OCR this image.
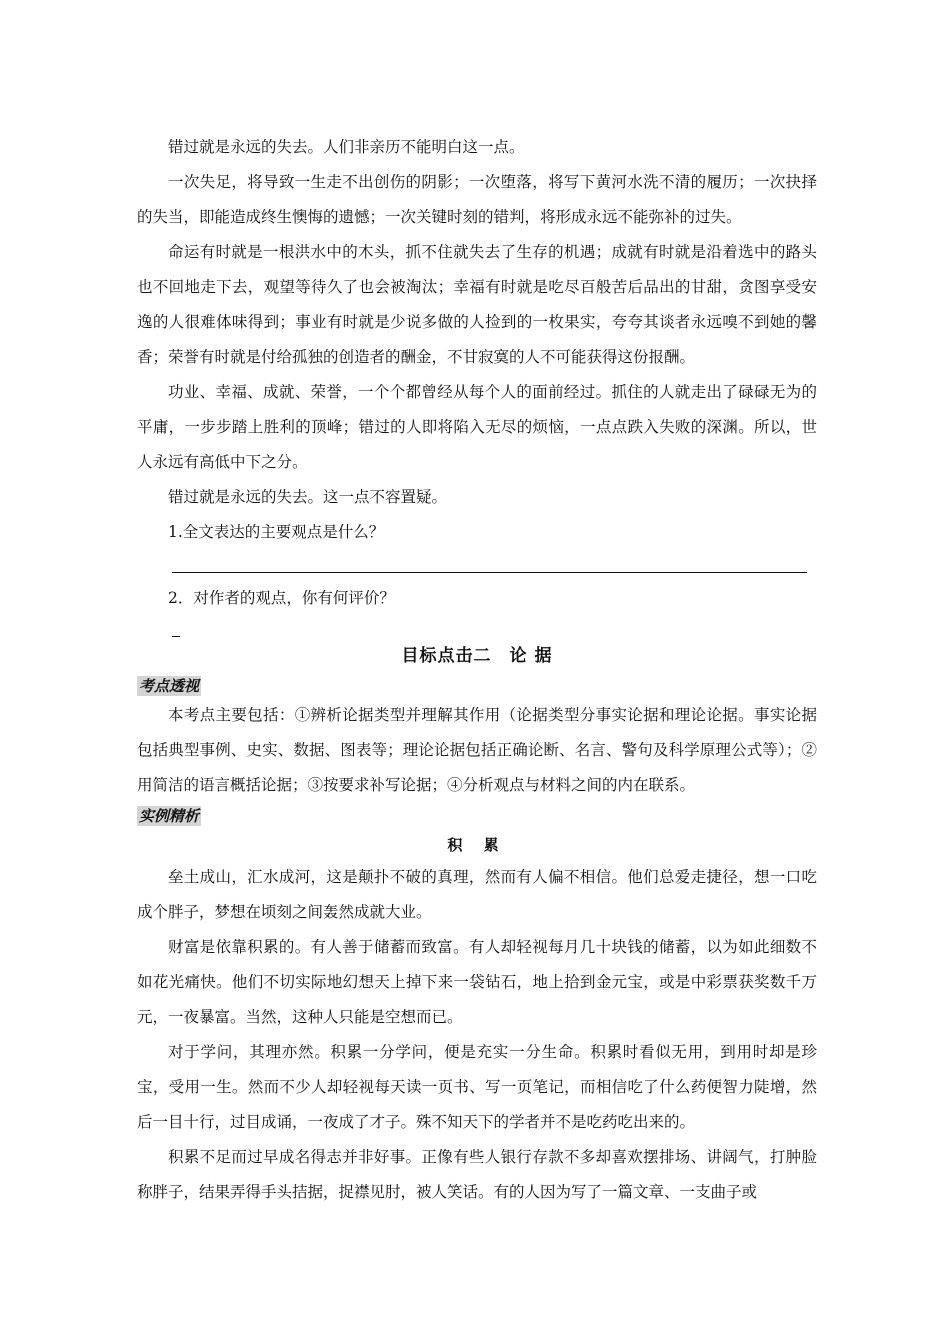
错过就是永远的失去。人们非亲历不能明白这一点。

一次失足，将导致一生走不出创伤的阴影；一次堕落，将写下黄河水洗不清的履历；一次抉择的失当，即能造成终生懊悔的遗憾；一次关键时刻的错判，将形成永远不能弥补的过失。

命运有时就是一根洪水中的木头，抓不住就失去了生存的机遇；成就有时就是沿着选中的路头也不回地走下去，观望等待久了也会被淘汰；幸福有时就是吃尽百般苦后品出的甘甜，贪图享受安逸的人很难体味得到；事业有时就是少说多做的人捡到的一枚果实，夸夸其谈者永远嗅不到她的馨香；荣誉有时就是付给孤独的创造者的酬金，不甘寂寞的人不可能获得这份报酬。

功业、幸福、成就、荣誉，一个个都曾经从每个人的面前经过。抓住的人就走出了碌碌无为的平庸，一步步踏上胜利的顶峰；错过的人即将陷入无尽的烦恼，一点点跌入失败的深渊。所以，世人永远有高低中下之分。

错过就是永远的失去。这一点不容置疑。

1.全文表达的主要观点是什么？

2．对作者的观点，你有何评价？

目标点击二　论 据
考点透视

本考点主要包括：①辨析论据类型并理解其作用（论据类型分事实论据和理论论据。事实论据包括典型事例、史实、数据、图表等；理论论据包括正确论断、名言、警句及科学原理公式等）；②用简洁的语言概括论据；③按要求补写论据；④分析观点与材料之间的内在联系。

实例精析
积 累

垒土成山，汇水成河，这是颠扑不破的真理，然而有人偏不相信。他们总爱走捷径，想一口吃成个胖子，梦想在顷刻之间轰然成就大业。

财富是依靠积累的。有人善于储蓄而致富。有人却轻视每月几十块钱的储蓄，以为如此细数不如花光痛快。他们不切实际地幻想天上掉下来一袋钻石，地上拾到金元宝，或是中彩票获奖数千万元，一夜暴富。当然，这种人只能是空想而已。

对于学问，其理亦然。积累一分学问，便是充实一分生命。积累时看似无用，到用时却是珍宝，受用一生。然而不少人却轻视每天读一页书、写一页笔记，而相信吃了什么药便智力陡增，然后一目十行，过目成诵，一夜成了才子。殊不知天下的学者并不是吃药吃出来的。

积累不足而过早成名得志并非好事。正像有些人银行存款不多却喜欢摆排场、讲阔气，打肿脸称胖子，结果弄得手头拮据，捉襟见肘，被人笑话。有的人因为写了一篇文章、一支曲子或
